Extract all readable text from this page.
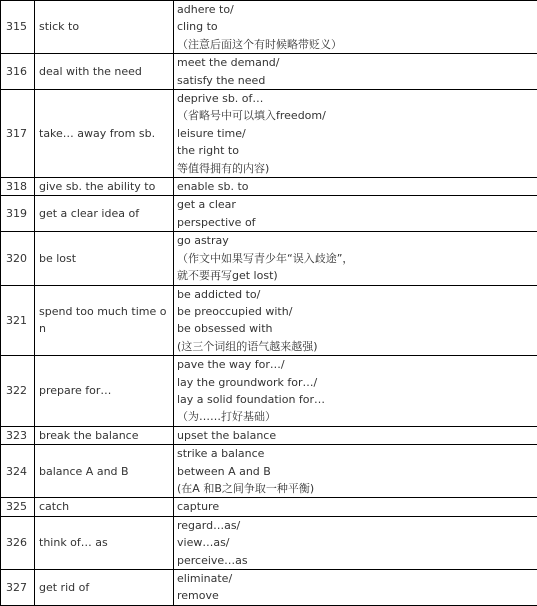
315	stick to	adhere to/
cling to
（注意后面这个有时候略带贬义）

316	deal with the need	meet the demand/
satisfy the need

317	take… away from sb.	deprive sb. of…
（省略号中可以填入freedom/
leisure time/
the right to
等值得拥有的内容)

318	give sb. the ability to	enable sb. to

319	get a clear idea of	get a clear
perspective of

320	be lost	go astray
（作文中如果写青少年“误入歧途”，
就不要再写get lost)

321	spend too much time on	be addicted to/
be preoccupied with/
be obsessed with
(这三个词组的语气越来越强)

322	prepare for…	pave the way for…/
lay the groundwork for…/
lay a solid foundation for…
（为……打好基础）

323	break the balance	upset the balance

324	balance A and B	strike a balance
between A and B
(在A 和B之间争取一种平衡)

325	catch	capture

326	think of… as	regard…as/
view…as/
perceive…as

327	get rid of	eliminate/
remove
